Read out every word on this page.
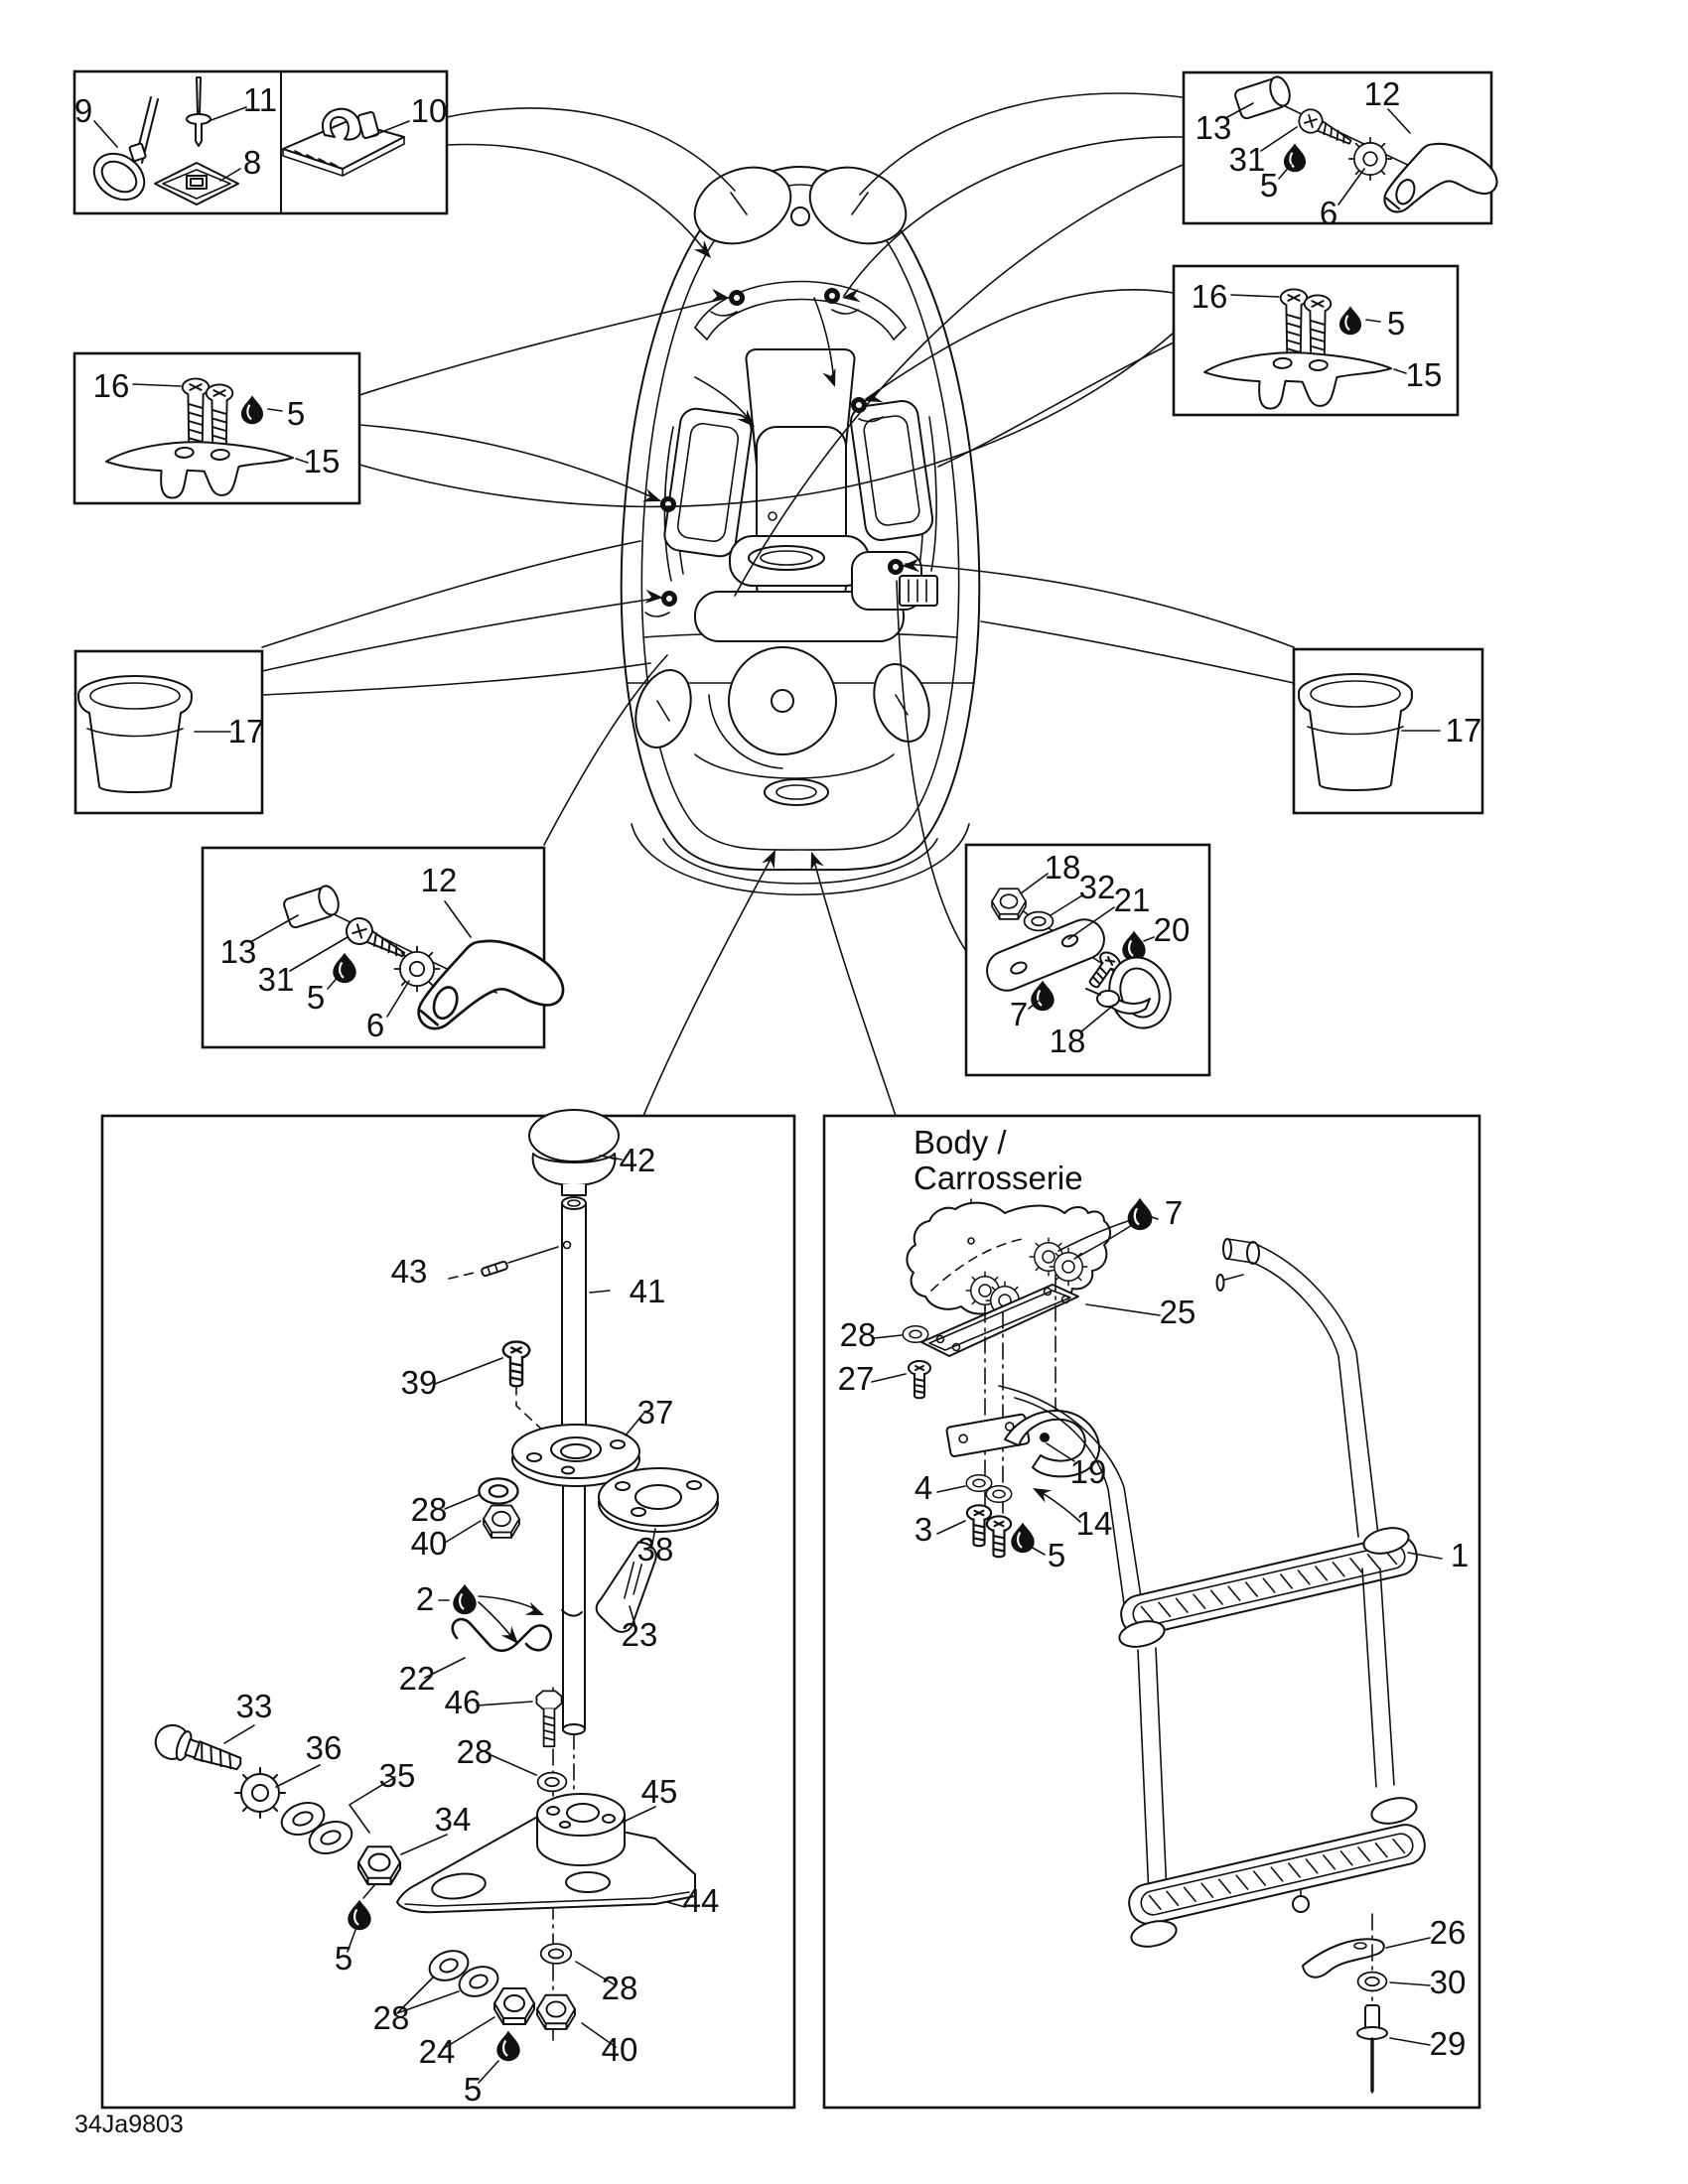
9	11
8
10	13
31
5
6
12
16
5
15
16
5
15
17	17
13
31 5
6
12	18
32
21
20
7
18
42
43
41
39
37
28
40	38
2
23
22
46
28
33
36
35
34
45
44
5
28
24
5
28
40
Body /
Carrosserie
7
25
28
27
19
14
4
3
5	1
26
30
29
34Ja9803
